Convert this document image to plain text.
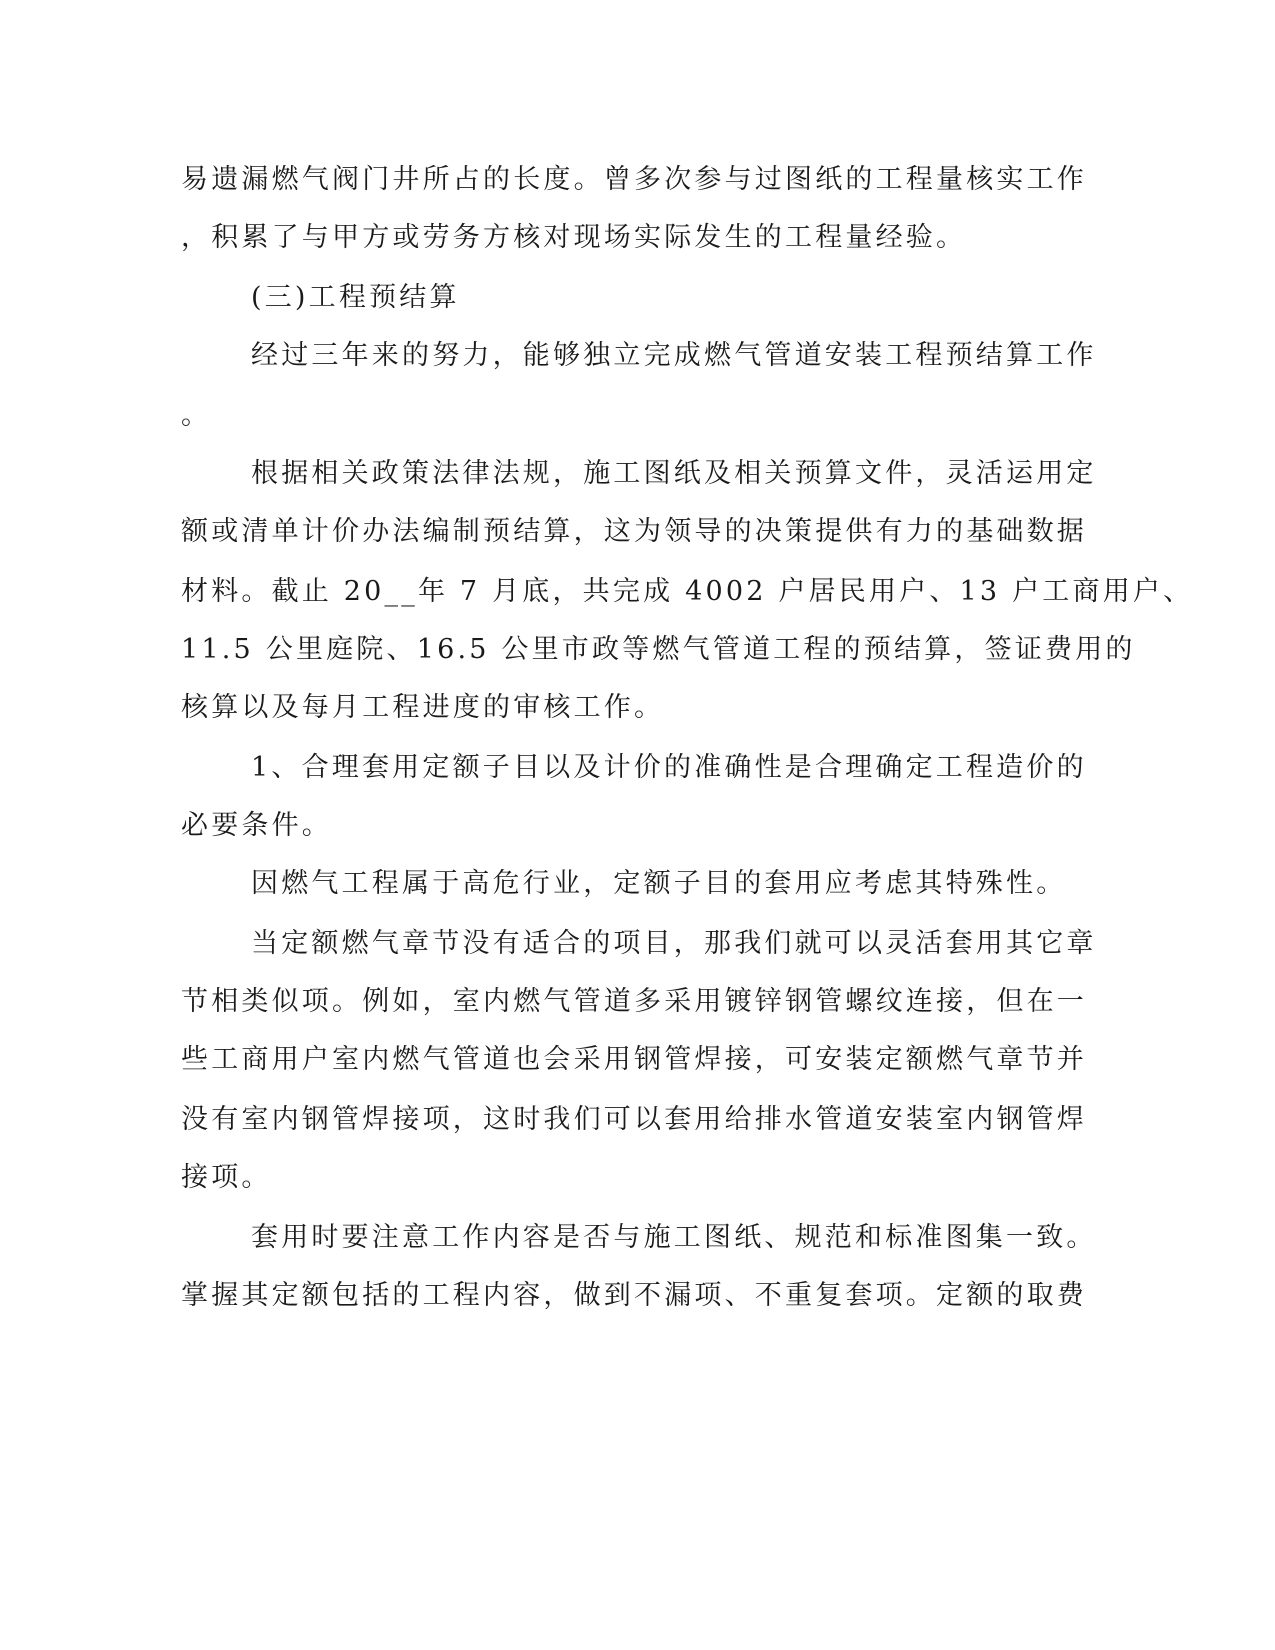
易遗漏燃气阀门井所占的长度。曾多次参与过图纸的工程量核实工作
，积累了与甲方或劳务方核对现场实际发生的工程量经验。
(三)工程预结算
经过三年来的努力，能够独立完成燃气管道安装工程预结算工作
。
根据相关政策法律法规，施工图纸及相关预算文件，灵活运用定
额或清单计价办法编制预结算，这为领导的决策提供有力的基础数据
材料。截止 20__年 7 月底，共完成 4002 户居民用户、13 户工商用户、
11.5 公里庭院、16.5 公里市政等燃气管道工程的预结算，签证费用的
核算以及每月工程进度的审核工作。
1、合理套用定额子目以及计价的准确性是合理确定工程造价的
必要条件。
因燃气工程属于高危行业，定额子目的套用应考虑其特殊性。
当定额燃气章节没有适合的项目，那我们就可以灵活套用其它章
节相类似项。例如，室内燃气管道多采用镀锌钢管螺纹连接，但在一
些工商用户室内燃气管道也会采用钢管焊接，可安装定额燃气章节并
没有室内钢管焊接项，这时我们可以套用给排水管道安装室内钢管焊
接项。
套用时要注意工作内容是否与施工图纸、规范和标准图集一致。
掌握其定额包括的工程内容，做到不漏项、不重复套项。定额的取费
